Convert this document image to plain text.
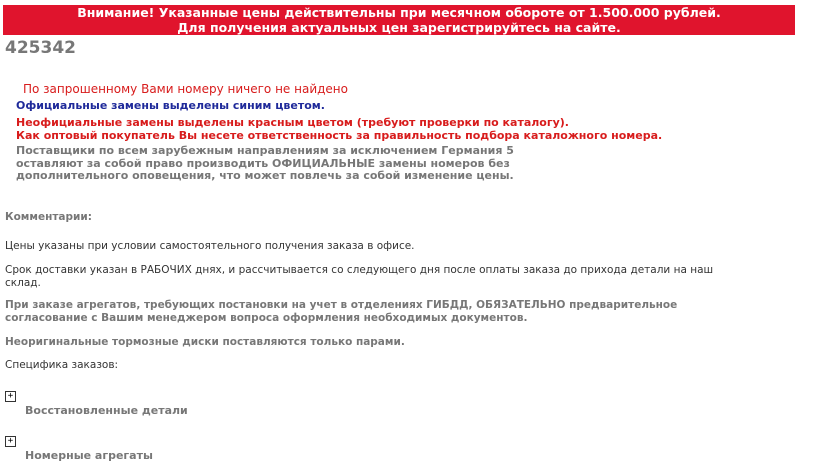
Внимание! Указанные цены действительны при месячном обороте от 1.500.000 рублей.
Для получения актуальных цен зарегистрируйтесь на сайте.
425342
По запрошенному Вами номеру ничего не найдено
Официальные замены выделены синим цветом.
Неофициальные замены выделены красным цветом (требуют проверки по каталогу).
Как оптовый покупатель Вы несете ответственность за правильность подбора каталожного номера.
Поставщики по всем зарубежным направлениям за исключением Германия 5 оставляют за собой право производить ОФИЦИАЛЬНЫЕ замены номеров без дополнительного оповещения, что может повлечь за собой изменение цены.
Комментарии:
Цены указаны при условии самостоятельного получения заказа в офисе.
Срок доставки указан в РАБОЧИХ днях, и рассчитывается со следующего дня после оплаты заказа до прихода детали на наш склад.
При заказе агрегатов, требующих постановки на учет в отделениях ГИБДД, ОБЯЗАТЕЛЬНО предварительное согласование с Вашим менеджером вопроса оформления необходимых документов.
Неоригинальные тормозные диски поставляются только парами.
Специфика заказов:
+
Восстановленные детали
+
Номерные агрегаты
